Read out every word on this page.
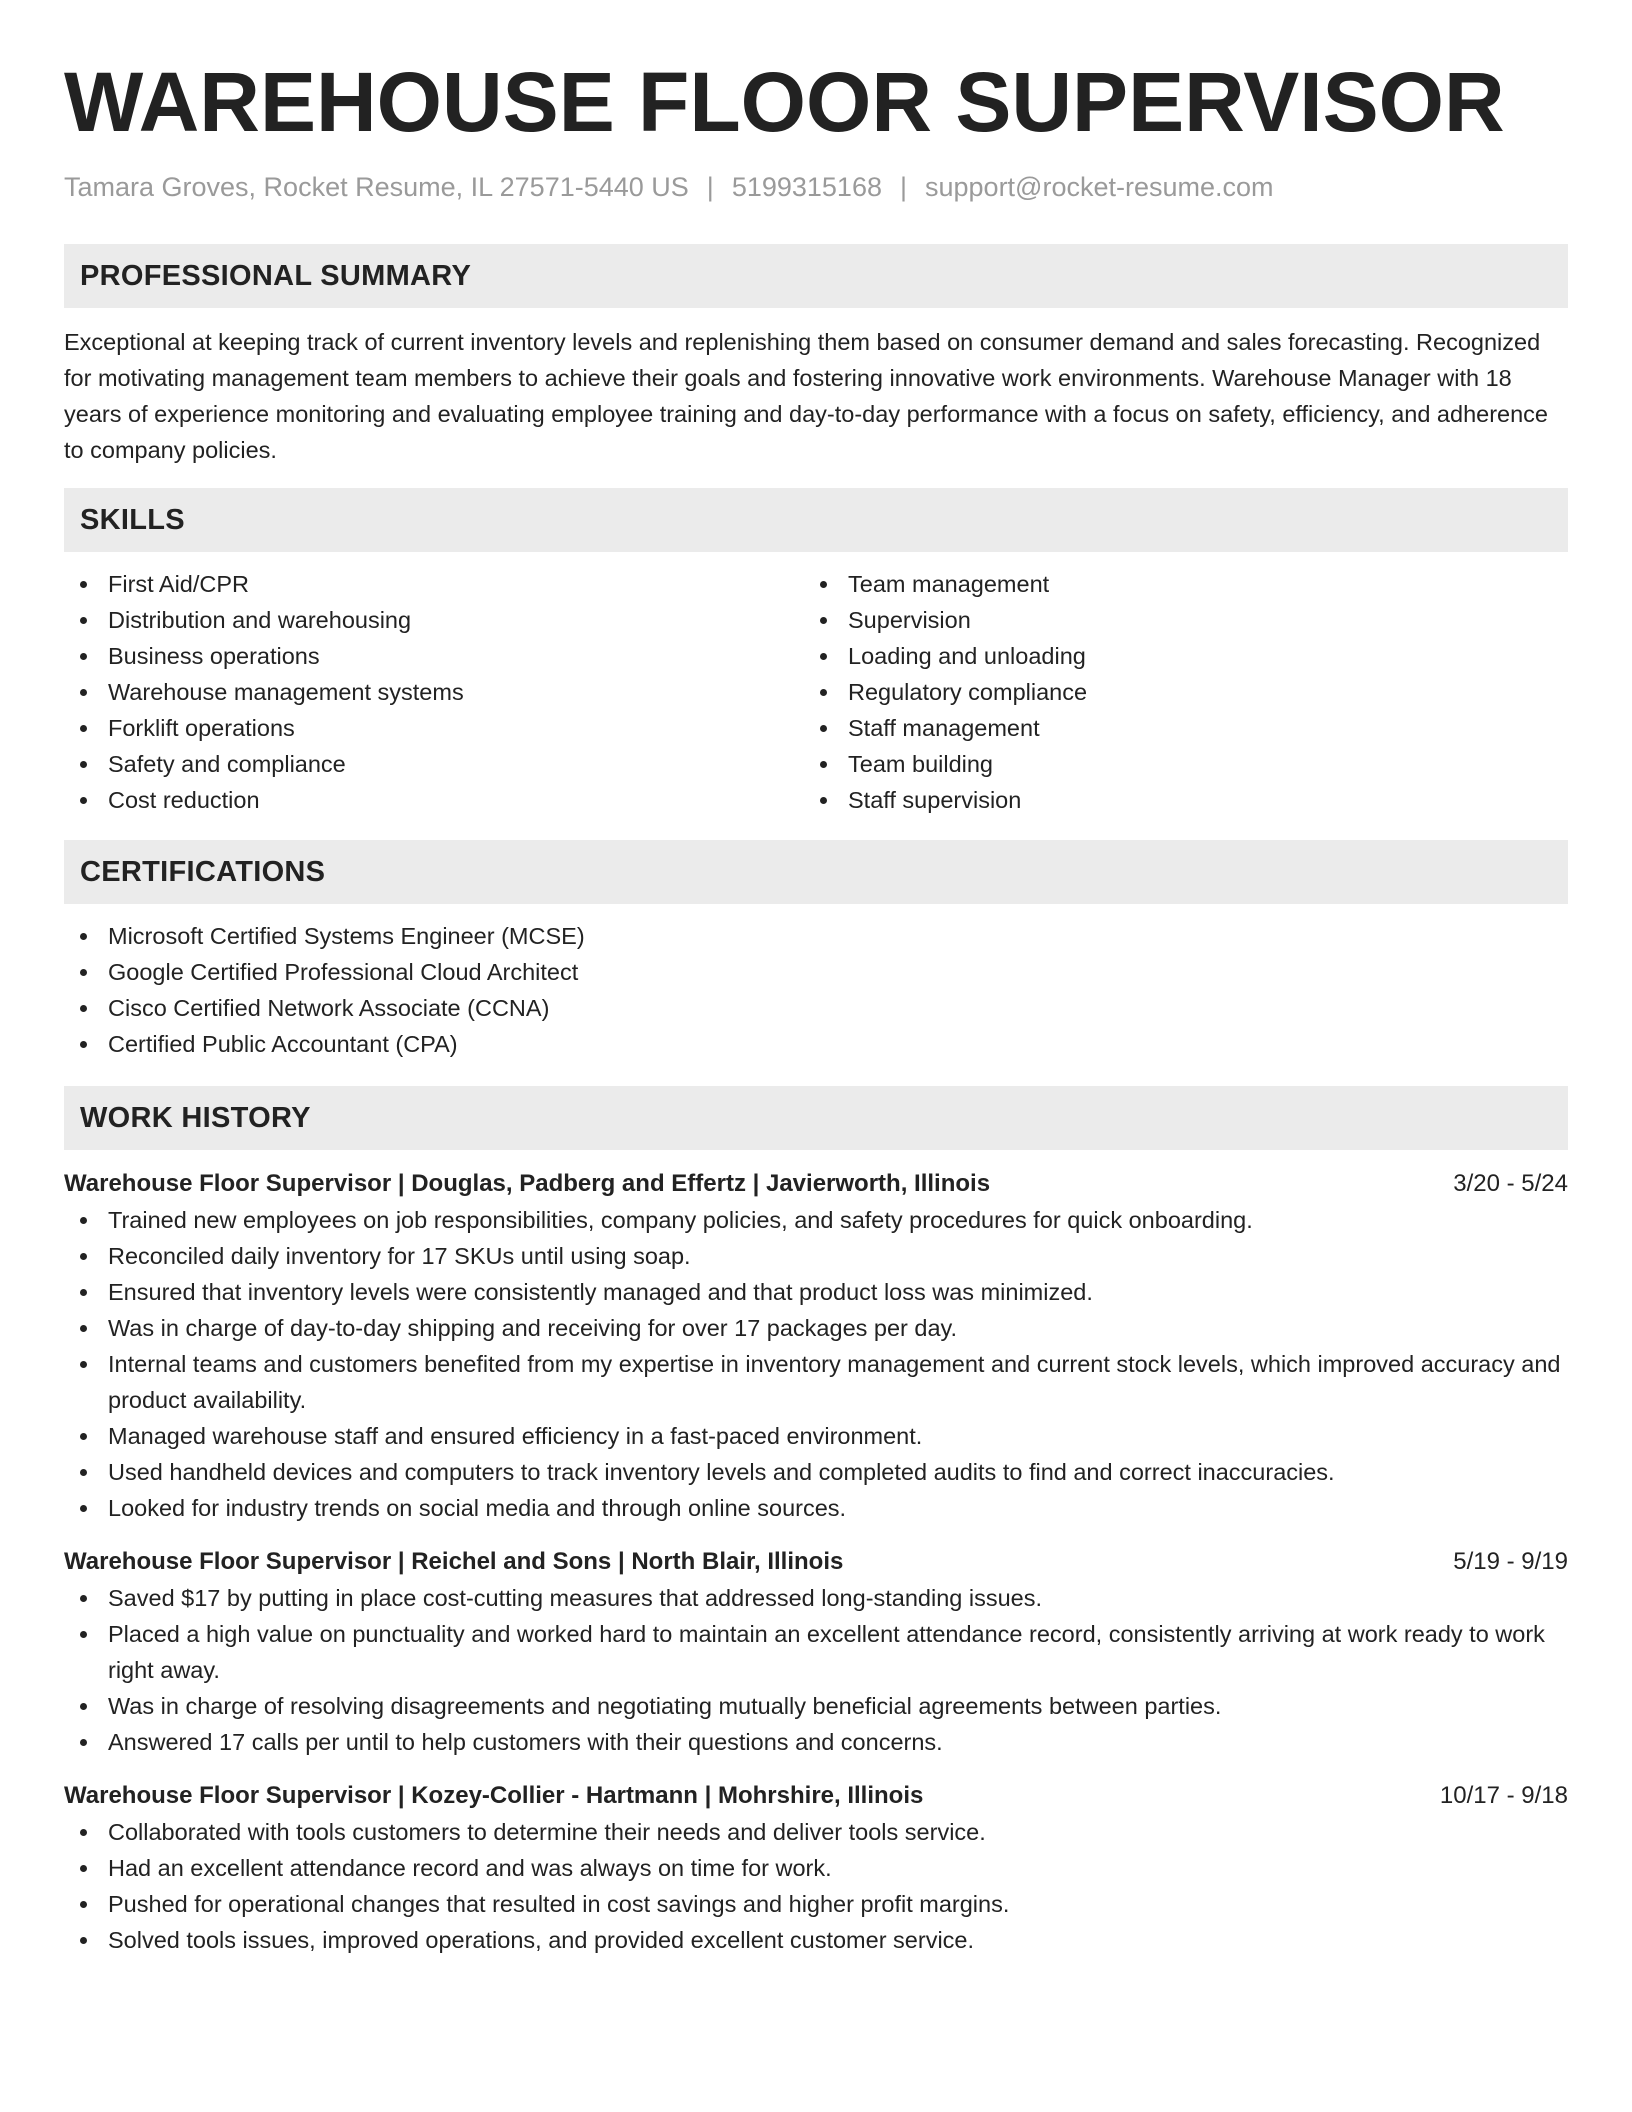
WAREHOUSE FLOOR SUPERVISOR
Tamara Groves, Rocket Resume, IL 27571-5440 US | 5199315168 | support@rocket-resume.com
PROFESSIONAL SUMMARY

Exceptional at keeping track of current inventory levels and replenishing them based on consumer demand and sales forecasting. Recognized for motivating management team members to achieve their goals and fostering innovative work environments. Warehouse Manager with 18 years of experience monitoring and evaluating employee training and day-to-day performance with a focus on safety, efficiency, and adherence to company policies.

SKILLS
First Aid/CPR
Distribution and warehousing
Business operations
Warehouse management systems
Forklift operations
Safety and compliance
Cost reduction
Team management
Supervision
Loading and unloading
Regulatory compliance
Staff management
Team building
Staff supervision
CERTIFICATIONS
Microsoft Certified Systems Engineer (MCSE)
Google Certified Professional Cloud Architect
Cisco Certified Network Associate (CCNA)
Certified Public Accountant (CPA)
WORK HISTORY
Warehouse Floor Supervisor | Douglas, Padberg and Effertz | Javierworth, Illinois	3/20 - 5/24
Trained new employees on job responsibilities, company policies, and safety procedures for quick onboarding.
Reconciled daily inventory for 17 SKUs until using soap.
Ensured that inventory levels were consistently managed and that product loss was minimized.
Was in charge of day-to-day shipping and receiving for over 17 packages per day.
Internal teams and customers benefited from my expertise in inventory management and current stock levels, which improved accuracy and product availability.
Managed warehouse staff and ensured efficiency in a fast-paced environment.
Used handheld devices and computers to track inventory levels and completed audits to find and correct inaccuracies.
Looked for industry trends on social media and through online sources.
Warehouse Floor Supervisor | Reichel and Sons | North Blair, Illinois	5/19 - 9/19
Saved $17 by putting in place cost-cutting measures that addressed long-standing issues.
Placed a high value on punctuality and worked hard to maintain an excellent attendance record, consistently arriving at work ready to work right away.
Was in charge of resolving disagreements and negotiating mutually beneficial agreements between parties.
Answered 17 calls per until to help customers with their questions and concerns.
Warehouse Floor Supervisor | Kozey-Collier - Hartmann | Mohrshire, Illinois	10/17 - 9/18
Collaborated with tools customers to determine their needs and deliver tools service.
Had an excellent attendance record and was always on time for work.
Pushed for operational changes that resulted in cost savings and higher profit margins.
Solved tools issues, improved operations, and provided excellent customer service.
